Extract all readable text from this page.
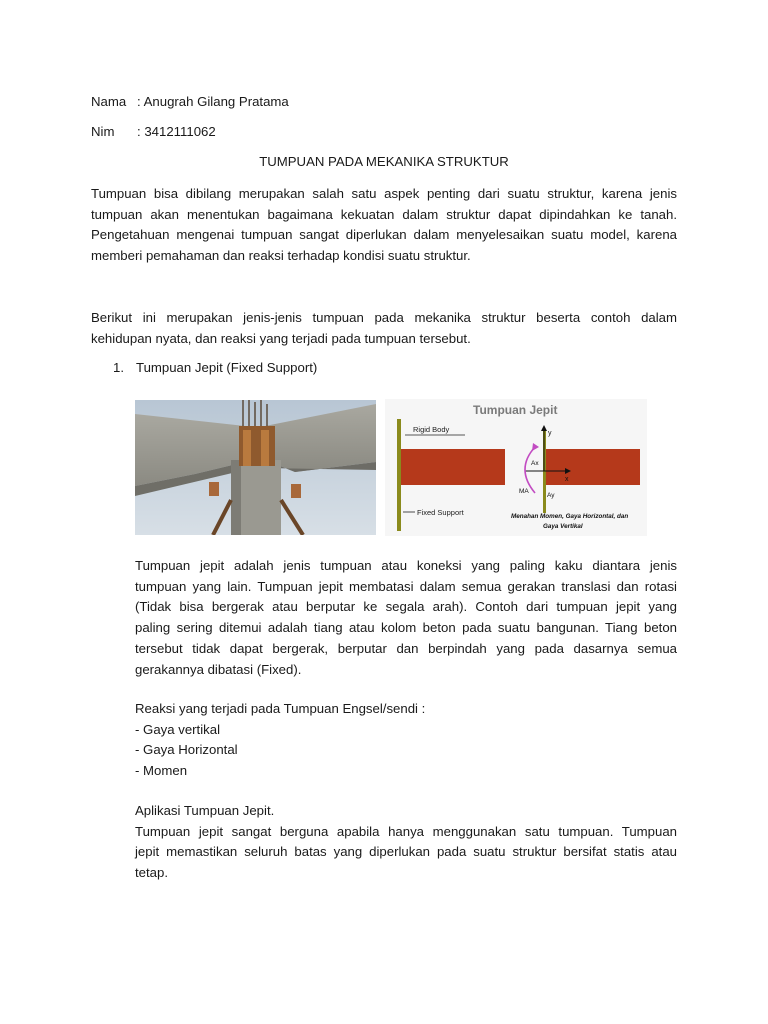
Nama : Anugrah Gilang Pratama
Nim : 3412111062
TUMPUAN PADA MEKANIKA STRUKTUR
Tumpuan bisa dibilang merupakan salah satu aspek penting dari suatu struktur, karena jenis
tumpuan akan menentukan bagaimana kekuatan dalam struktur dapat dipindahkan ke tanah.
Pengetahuan mengenai tumpuan sangat diperlukan dalam menyelesaikan suatu model, karena
memberi pemahaman dan reaksi terhadap kondisi suatu struktur.
Berikut ini merupakan jenis-jenis tumpuan pada mekanika struktur beserta contoh dalam
kehidupan nyata, dan reaksi yang terjadi pada tumpuan tersebut.
1. Tumpuan Jepit (Fixed Support)
Tumpuan Jepit
Rigid Body
Fixed Support
y
x
Ax
Ay
MA
Menahan Momen, Gaya Horizontal, dan
Gaya Vertikal
Tumpuan jepit adalah jenis tumpuan atau koneksi yang paling kaku diantara jenis
tumpuan yang lain. Tumpuan jepit membatasi dalam semua gerakan translasi dan rotasi
(Tidak bisa bergerak atau berputar ke segala arah). Contoh dari tumpuan jepit yang
paling sering ditemui adalah tiang atau kolom beton pada suatu bangunan. Tiang beton
tersebut tidak dapat bergerak, berputar dan berpindah yang pada dasarnya semua
gerakannya dibatasi (Fixed).
Reaksi yang terjadi pada Tumpuan Engsel/sendi :
- Gaya vertikal
- Gaya Horizontal
- Momen
Aplikasi Tumpuan Jepit.
Tumpuan jepit sangat berguna apabila hanya menggunakan satu tumpuan. Tumpuan
jepit memastikan seluruh batas yang diperlukan pada suatu struktur bersifat statis atau
tetap.
